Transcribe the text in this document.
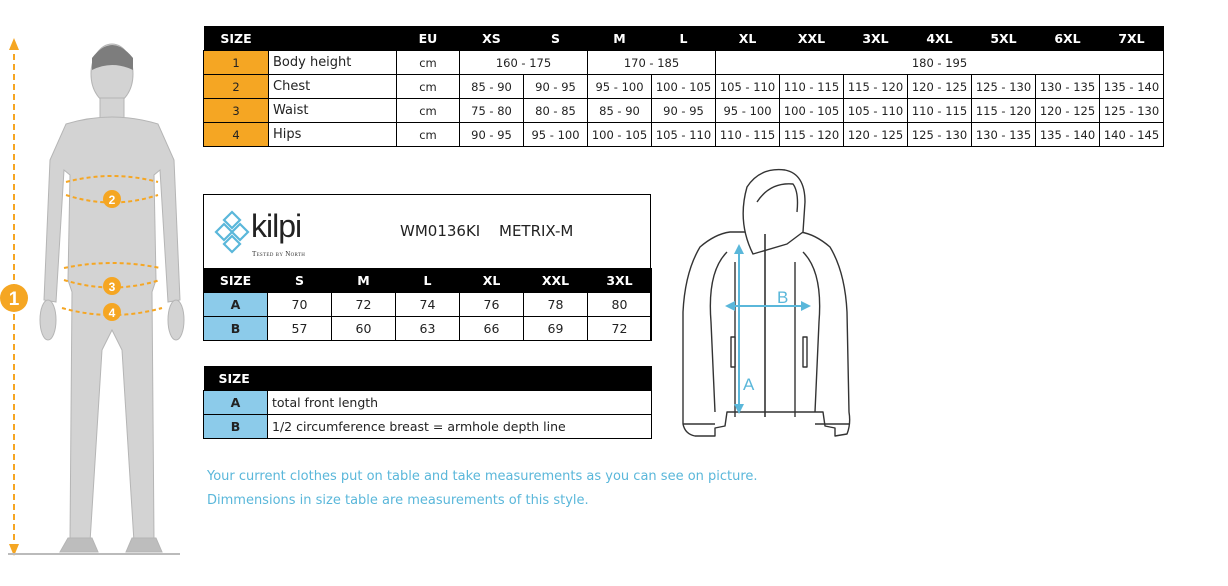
1
2
3
4
SIZE		EU	XS	S	M	L	XL	XXL	3XL	4XL	5XL	6XL	7XL
1	Body height	cm	160 - 175		170 - 185		180 - 195						
2	Chest	cm	85 - 90	90 - 95	95 - 100	100 - 105	105 - 110	110 - 115	115 - 120	120 - 125	125 - 130	130 - 135	135 - 140
3	Waist	cm	75 - 80	80 - 85	85 - 90	90 - 95	95 - 100	100 - 105	105 - 110	110 - 115	115 - 120	120 - 125	125 - 130
4	Hips	cm	90 - 95	95 - 100	100 - 105	105 - 110	110 - 115	115 - 120	120 - 125	125 - 130	130 - 135	135 - 140	140 - 145
kilpi
Tested by North
WM0136KI METRIX-M
SIZE	S	M	L	XL	XXL	3XL
A	70	72	74	76	78	80
B	57	60	63	66	69	72
SIZE	
A	total front length
B	1/2 circumference breast = armhole depth line
A
B
Your current clothes put on table and take measurements as you can see on picture.
Dimmensions in size table are measurements of this style.
